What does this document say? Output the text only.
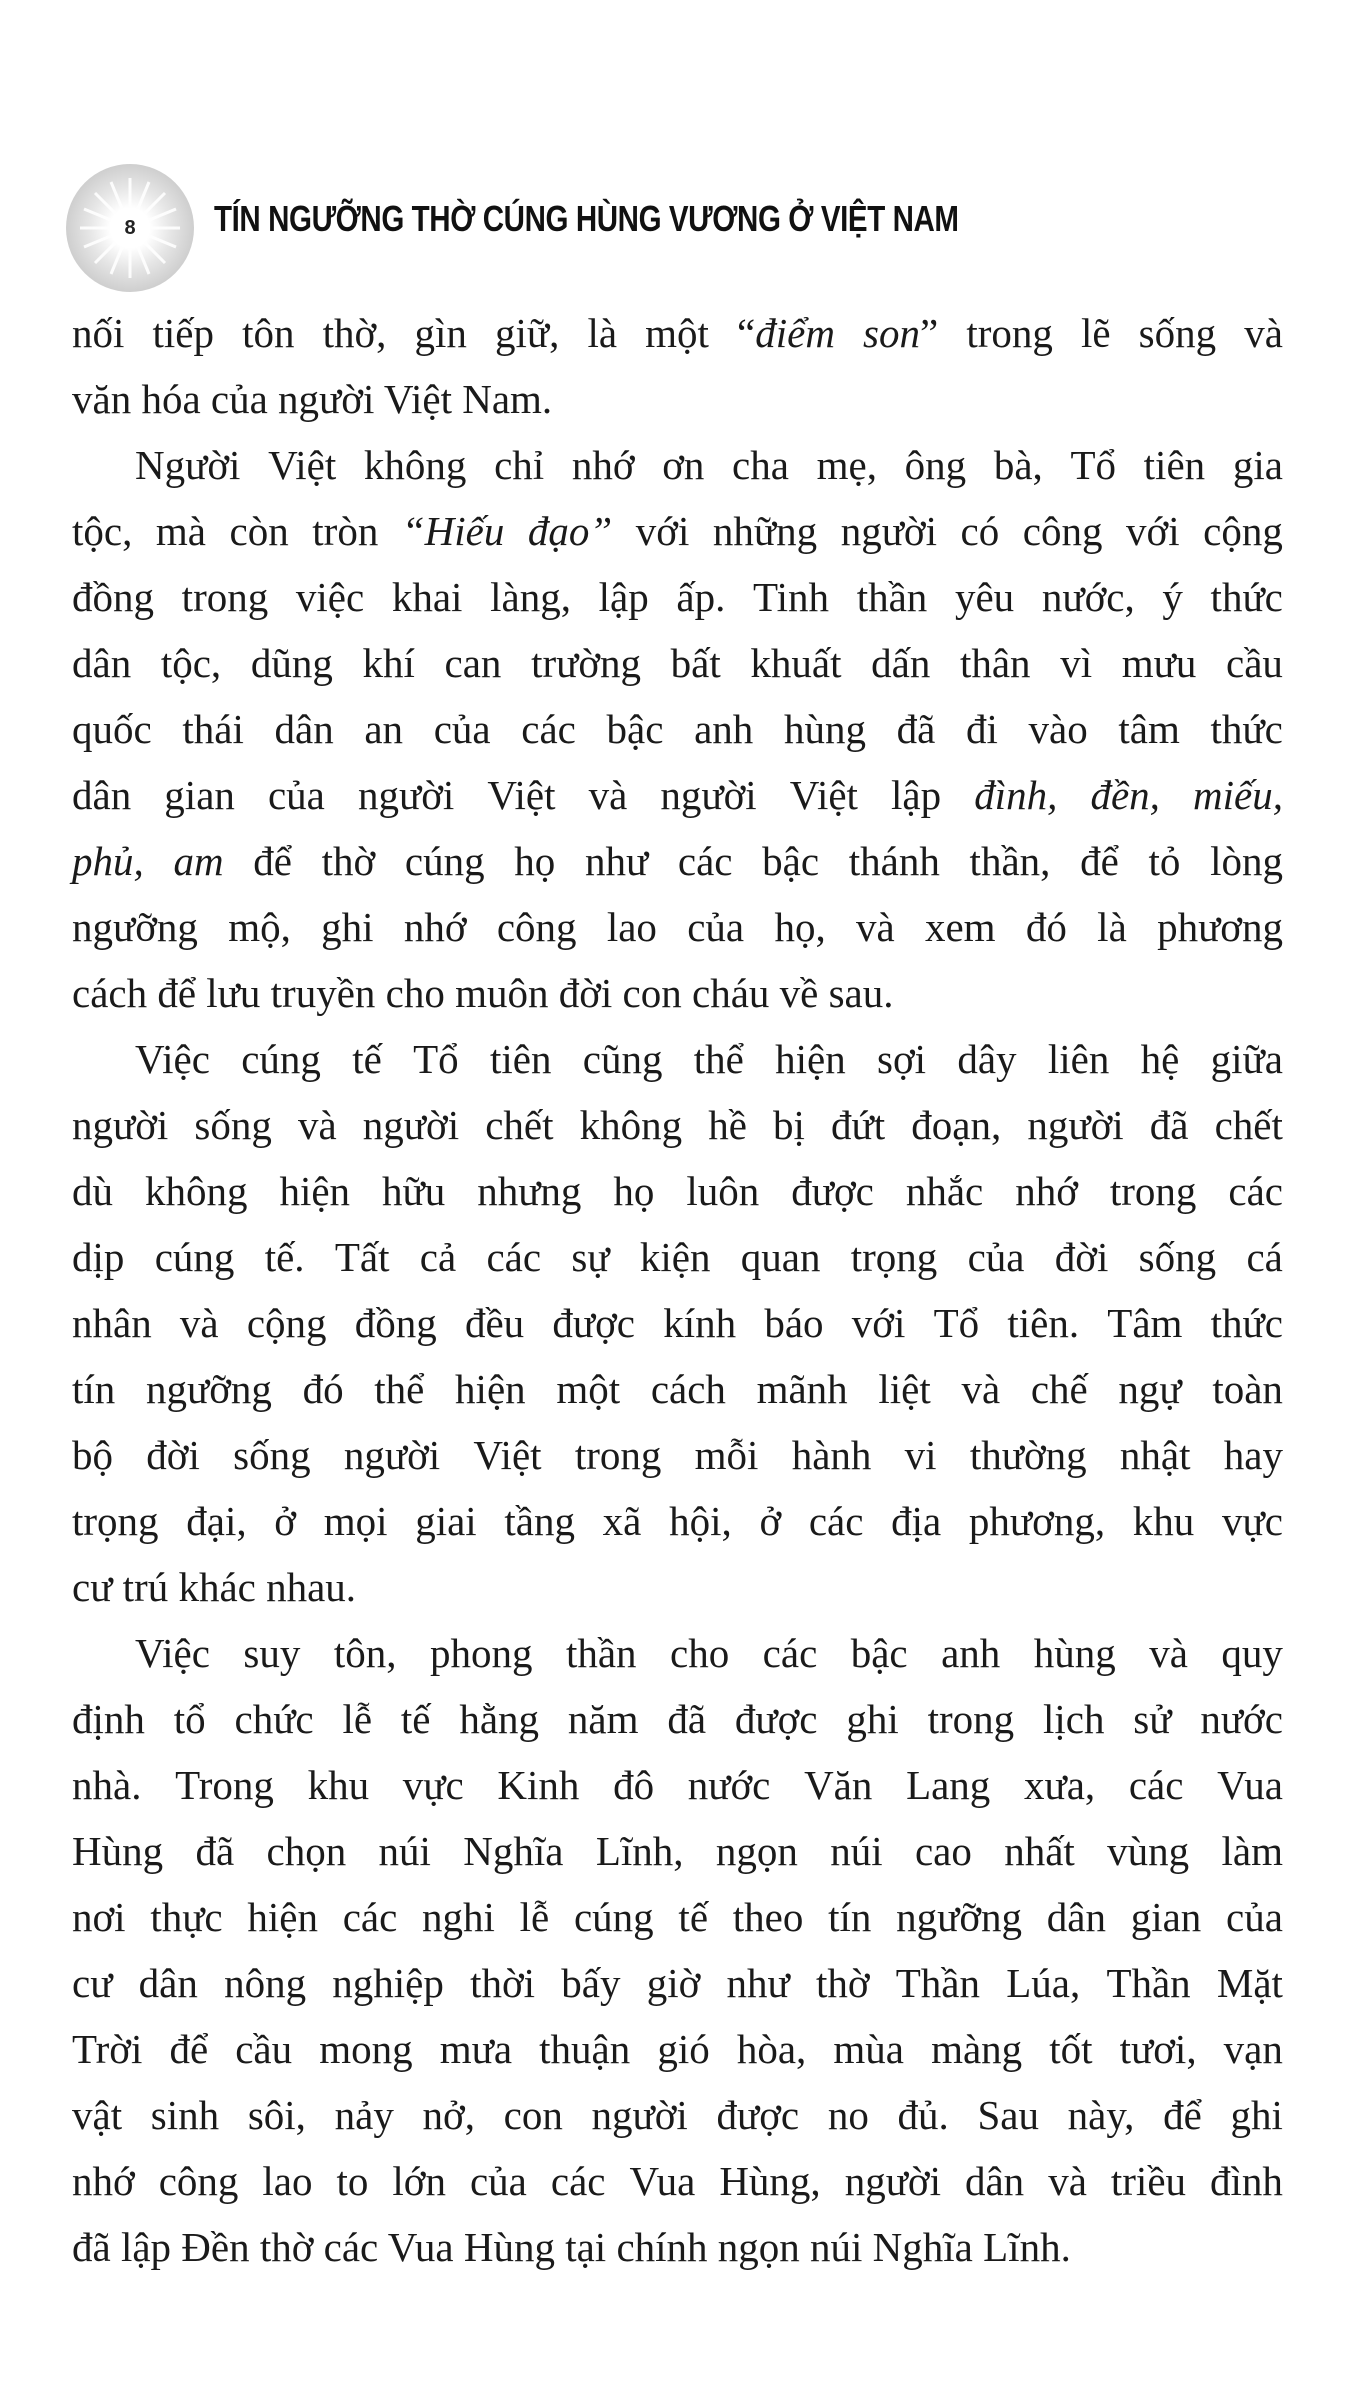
8	TÍN NGƯỠNG THỜ CÚNG HÙNG VƯƠNG Ở VIỆT NAM
nối tiếp tôn thờ, gìn giữ, là một “điểm son” trong lẽ sống và
văn hóa của người Việt Nam.
Người Việt không chỉ nhớ ơn cha mẹ, ông bà, Tổ tiên gia
tộc, mà còn tròn “Hiếu đạo” với những người có công với cộng
đồng trong việc khai làng, lập ấp. Tinh thần yêu nước, ý thức
dân tộc, dũng khí can trường bất khuất dấn thân vì mưu cầu
quốc thái dân an của các bậc anh hùng đã đi vào tâm thức
dân gian của người Việt và người Việt lập đình, đền, miếu,
phủ, am để thờ cúng họ như các bậc thánh thần, để tỏ lòng
ngưỡng mộ, ghi nhớ công lao của họ, và xem đó là phương
cách để lưu truyền cho muôn đời con cháu về sau.
Việc cúng tế Tổ tiên cũng thể hiện sợi dây liên hệ giữa
người sống và người chết không hề bị đứt đoạn, người đã chết
dù không hiện hữu nhưng họ luôn được nhắc nhớ trong các
dịp cúng tế. Tất cả các sự kiện quan trọng của đời sống cá
nhân và cộng đồng đều được kính báo với Tổ tiên. Tâm thức
tín ngưỡng đó thể hiện một cách mãnh liệt và chế ngự toàn
bộ đời sống người Việt trong mỗi hành vi thường nhật hay
trọng đại, ở mọi giai tầng xã hội, ở các địa phương, khu vực
cư trú khác nhau.
Việc suy tôn, phong thần cho các bậc anh hùng và quy
định tổ chức lễ tế hằng năm đã được ghi trong lịch sử nước
nhà. Trong khu vực Kinh đô nước Văn Lang xưa, các Vua
Hùng đã chọn núi Nghĩa Lĩnh, ngọn núi cao nhất vùng làm
nơi thực hiện các nghi lễ cúng tế theo tín ngưỡng dân gian của
cư dân nông nghiệp thời bấy giờ như thờ Thần Lúa, Thần Mặt
Trời để cầu mong mưa thuận gió hòa, mùa màng tốt tươi, vạn
vật sinh sôi, nảy nở, con người được no đủ. Sau này, để ghi
nhớ công lao to lớn của các Vua Hùng, người dân và triều đình
đã lập Đền thờ các Vua Hùng tại chính ngọn núi Nghĩa Lĩnh.
